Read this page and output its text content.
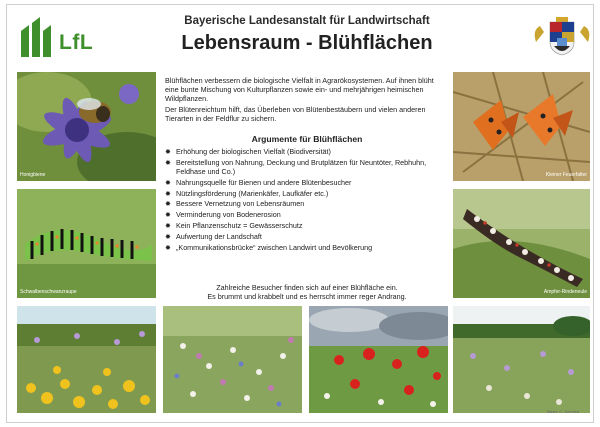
LfL
Bayerische Landesanstalt für Landwirtschaft
Lebensraum - Blühflächen
Honigbiene
Schwalbenschwanzraupe
Kleiner Feuerfalter
Ampfer-Rindeneule

Blühflächen verbessern die biologische Vielfalt in Agrarökosystemen. Auf ihnen blüht eine bunte Mischung von Kulturpflanzen sowie ein- und mehrjährigen heimischen Wildpflanzen.

Der Blütenreichtum hilft, das Überleben von Blütenbestäubern und vielen anderen Tierarten in der Feldflur zu sichern.

Argumente für Blühflächen
✸ Erhöhung der biologischen Vielfalt (Biodiversität)
✸ Bereitstellung von Nahrung, Deckung und Brutplätzen für Neuntöter, Rebhuhn, Feldhase und Co.)
✸ Nahrungsquelle für Bienen und andere Blütenbesucher
✸ Nützlingsförderung (Marienkäfer, Laufkäfer etc.)
✸ Bessere Vernetzung von Lebensräumen
✸ Verminderung von Bodenerosion
✸ Kein Pflanzenschutz = Gewässerschutz
✸ Aufwertung der Landschaft
✸ „Kommunikationsbrücke“ zwischen Landwirt und Bevölkerung
Zahlreiche Besucher finden sich auf einer Blühfläche ein.
Es brummt und krabbelt und es herrscht immer reger Andrang.
Bilder: C. Schmidt
